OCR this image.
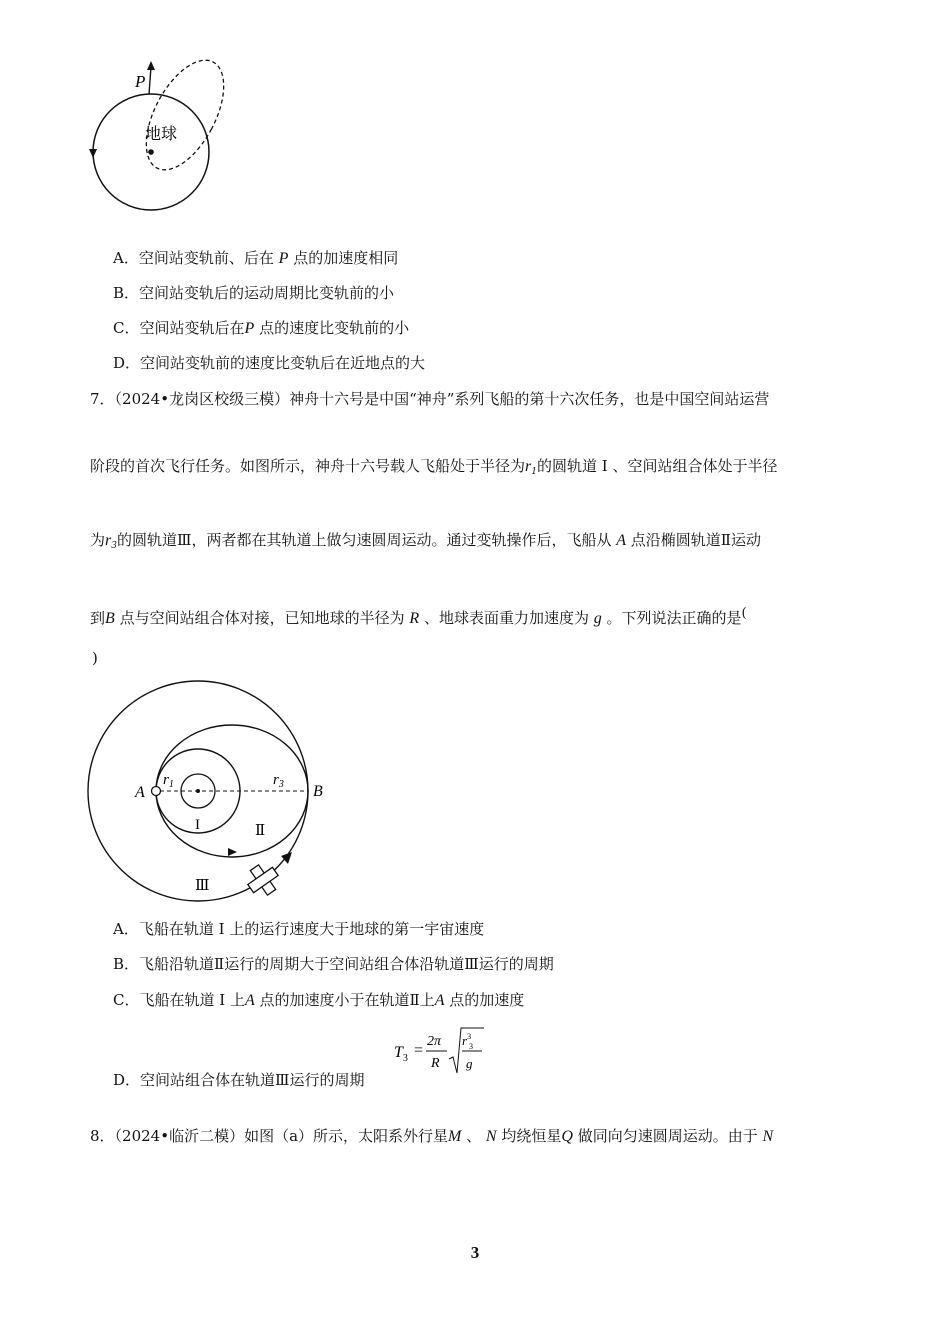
P
地球
A．空间站变轨前、后在 P 点的加速度相同
B．空间站变轨后的运动周期比变轨前的小
C．空间站变轨后在P 点的速度比变轨前的小
D．空间站变轨前的速度比变轨后在近地点的大
7．（2024•龙岗区校级三模）神舟十六号是中国“神舟”系列飞船的第十六次任务，也是中国空间站运营
阶段的首次飞行任务。如图所示，神舟十六号载人飞船处于半径为$r_1$的圆轨道 I 、空间站组合体处于半径
为$r_3$的圆轨道Ⅲ，两者都在其轨道上做匀速圆周运动。通过变轨操作后，飞船从 A 点沿椭圆轨道Ⅱ运动
到B 点与空间站组合体对接，已知地球的半径为 R 、地球表面重力加速度为 g 。下列说法正确的是(
)
A	B
$r_1$	$r_3$
I	Ⅱ
Ⅲ
A．飞船在轨道 I 上的运行速度大于地球的第一宇宙速度
B．飞船沿轨道Ⅱ运行的周期大于空间站组合体沿轨道Ⅲ运行的周期
C．飞船在轨道 I 上A 点的加速度小于在轨道Ⅱ上A 点的加速度
$T_3$ =
2π
R
$r^3$ 3
g
D．空间站组合体在轨道Ⅲ运行的周期
8．（2024•临沂二模）如图（a）所示，太阳系外行星M 、 N 均绕恒星Q 做同向匀速圆周运动。由于 N
3
